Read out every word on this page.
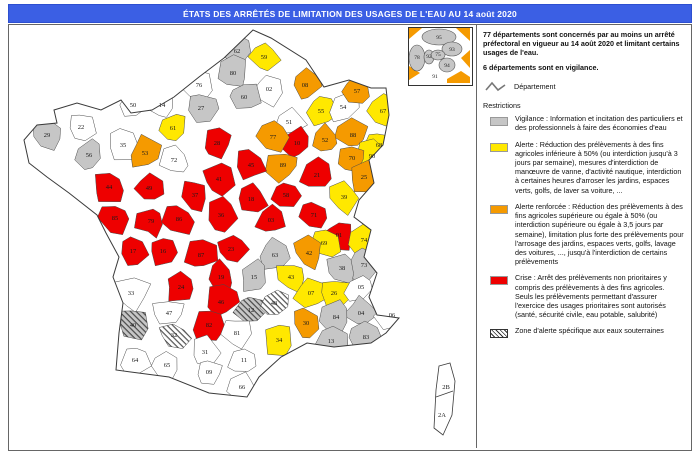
ÉTATS DES ARRÊTÉS DE LIMITATION DES USAGES DE L'EAU AU 14 août 2020
62
59
80
76
02
08
27
60
50	14
61
51
55
54
57
67
88
68
90
70
25
39
52
10
89
21
29
22
56
35
53
72
28
77
45
41
37
49
44
85	79	86
36
18
58
71
03
01
69
42
74
73
38
17	16
87
23
63
19	15	43
07	26
05
04	06
24
33
46
47
40
12
48
30
84
13
83
82
81
34
32
31
64
65
09
11
66	2B
2A
95
93
78 92 75
94
91

77 départements sont concernés par au moins un arrêté préfectoral en vigueur au 14 août 2020 et limitant certains usages de l'eau.

6 départements sont en vigilance.

Département

Restrictions

Vigilance : Information et incitation des particuliers et des professionnels à faire des économies d'eau
Alerte : Réduction des prélèvements à des fins agricoles inférieure à 50% (ou interdiction jusqu'à 3 jours par semaine), mesures d'interdiction de manœuvre de vanne, d'activité nautique, interdiction à certaines heures d'arroser les jardins, espaces verts, golfs, de laver sa voiture, ...
Alerte renforcée : Réduction des prélèvements à des fins agricoles supérieure ou égale à 50% (ou interdiction supérieure ou égale à 3,5 jours par semaine), limitation plus forte des prélèvements pour l'arrosage des jardins, espaces verts, golfs, lavage des voitures, ..., jusqu'à l'interdiction de certains prélèvements
Crise : Arrêt des prélèvements non prioritaires y compris des prélèvements à des fins agricoles. Seuls les prélèvements permettant d'assurer l'exercice des usages prioritaires sont autorisés (santé, sécurité civile, eau potable, salubrité)
Zone d'alerte spécifique aux eaux souterraines
